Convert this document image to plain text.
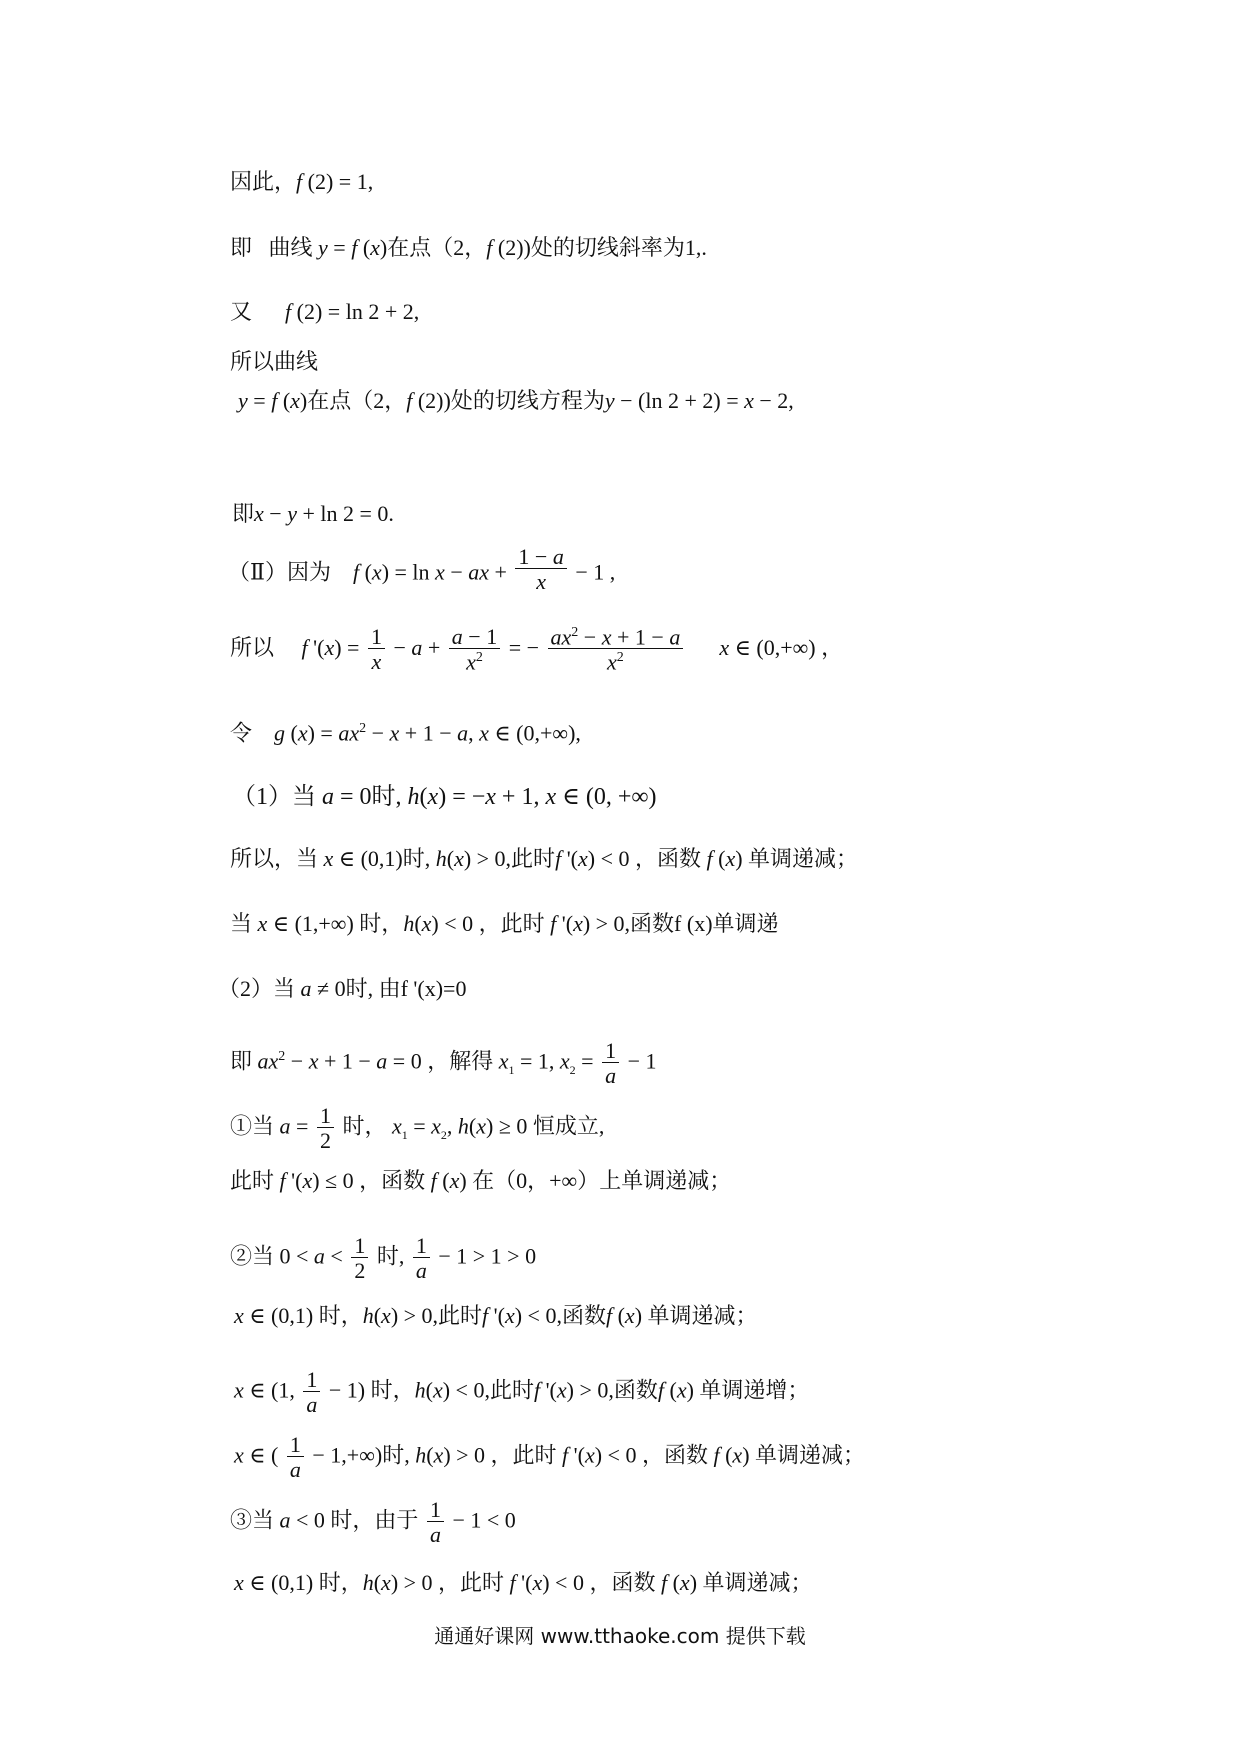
因此，f (2) = 1,
即   曲线 y = f (x)在点（2，f (2))处的切线斜率为1,.
又      f (2) = ln 2 + 2,
所以曲线
y = f (x)在点（2，f (2))处的切线方程为y − (ln 2 + 2) = x − 2,
即x − y + ln 2 = 0.
（Ⅱ）因为    f (x) = ln x − ax + $\frac{1 - a}{x} - 1$ ,
所以     f '$(x) = \frac{1}{x} - a + \frac{a - 1}{x^2}$ = − $\frac{ax^2 - x + 1 - a}{x^2}$ x ∈ (0,+∞) ，
令    g $(x) = ax^2 - x + 1 - a$, x ∈ (0,+∞),
（1）当 a = 0时, h(x) = −x + 1, x ∈ (0, +∞)
所以，当 x ∈ (0,1)时, h(x) > 0,此时f '(x) < 0 ，函数 f (x) 单调递减；
当 x ∈ (1,+∞) 时，h(x) < 0 ，此时 f '(x) > 0,函数f (x)单调递
（2）当 a ≠ 0时, 由f '(x)=0
即 $ax^2 - x + 1 - a = 0$ ，解得 $x_1 = 1$, $x_2 = \frac{1}{a} - 1$
①当 $a = \frac{1}{2}$ 时， $x_1 = x_2$, h(x) ≥ 0 恒成立,
此时 f '(x) ≤ 0 ，函数 f (x) 在（0，+∞）上单调递减；
②当 $0 < a < \frac{1}{2}$ 时, $\frac{1}{a} - 1 > 1 > 0$
x ∈ (0,1) 时，h(x) > 0,此时f '(x) < 0,函数f (x) 单调递减；
x ∈ (1, $\frac{1}{a} - 1$) 时，h(x) < 0,此时f '(x) > 0,函数f (x) 单调递增；
x ∈ ( $\frac{1}{a} - 1,+\infty$)时, h(x) > 0 ，此时 f '(x) < 0 ，函数 f (x) 单调递减；
③当 a < 0 时，由于 $\frac{1}{a} - 1 < 0$
x ∈ (0,1) 时，h(x) > 0 ，此时 f '(x) < 0 ，函数 f (x) 单调递减；
通通好课网 www.tthaoke.com 提供下载
